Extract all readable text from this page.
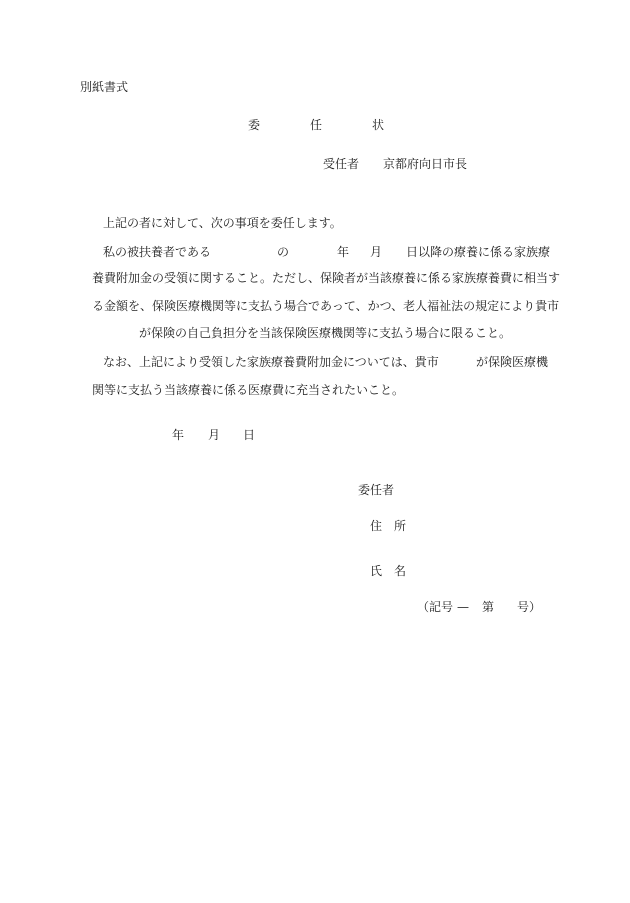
別紙書式
委	任	状
受任者 京都府向日市長
上記の者に対して、次の事項を委任します。
私の被扶養者である	の	年 月 日以降の療養に係る家族療
養費附加金の受領に関すること。ただし、保険者が当該療養に係る家族療養費に相当す
る金額を、保険医療機関等に支払う場合であって、かつ、老人福祉法の規定により貴市
が保険の自己負担分を当該保険医療機関等に支払う場合に限ること。
なお、上記により受領した家族療養費附加金については、貴市	が保険医療機
関等に支払う当該療養に係る医療費に充当されたいこと。
年 月 日
委任者
住　所
氏　名
（記号 — 第 号）
